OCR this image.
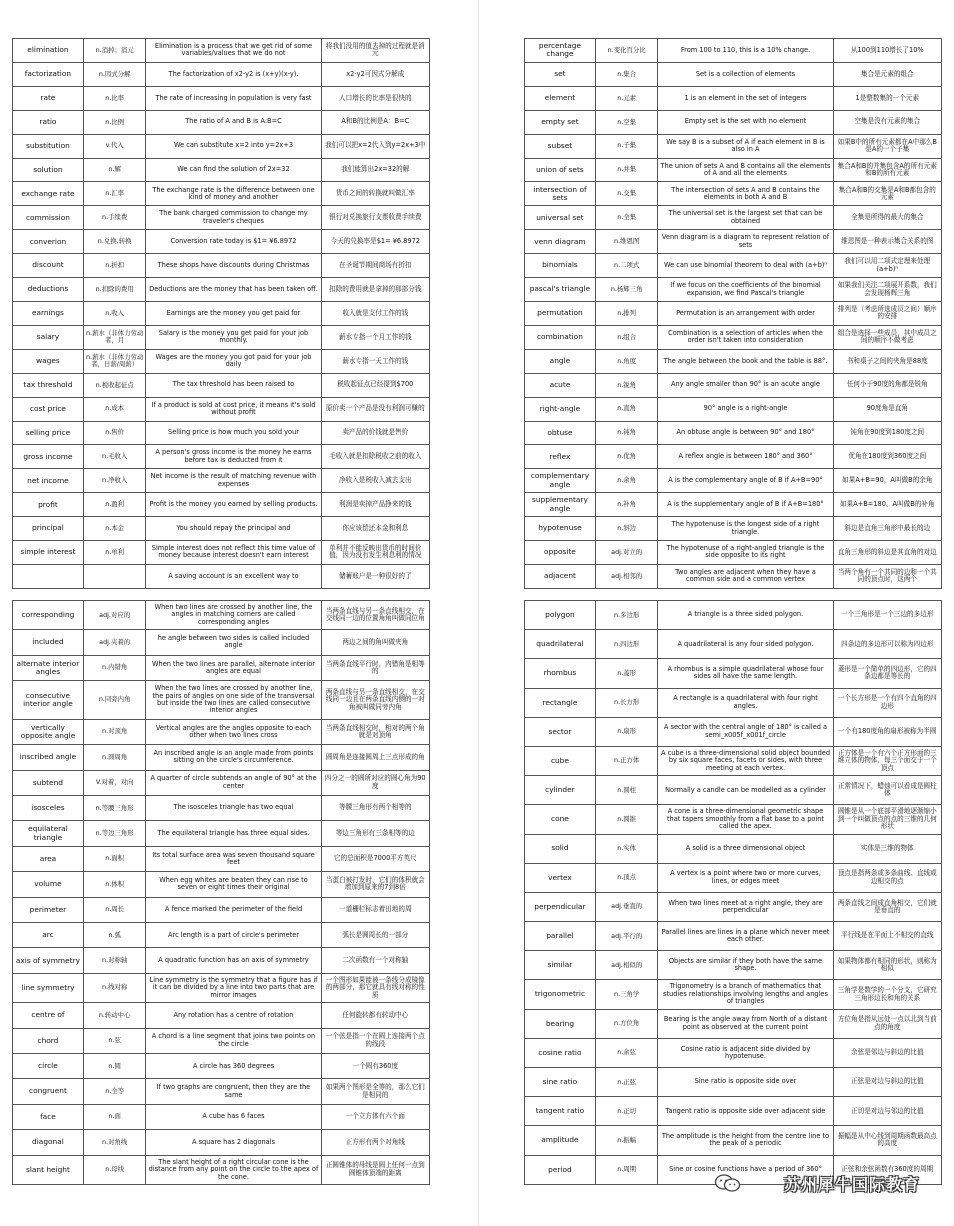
elimination	n.消掉；消元	Elimination is a process that we get rid of some variables/values that we do not	将我们没用的值去掉的过程就是消元
factorization	n.因式分解	The factorization of x2-y2 is (x+y)(x-y).	x2-y2可因式分解成
rate	n.比率	The rate of increasing in population is very fast	人口增长的比率是很快的
ratio	n.比例	The ratio of A and B is A:B=C	A和B的比例是A：B=C
substitution	v.代入	We can substitute x=2 into y=2x+3	我们可以把x=2代入到y=2x+3中
solution	n.解	We can find the solution of 2x=32	我们能算出2x=32的解
exchange rate	n.汇率	The exchange rate is the difference between one kind of money and another	货币之间的转换就叫做汇率
commission	n.手续费	The bank charged commission to change my traveler's cheques	银行对兑换旅行支票收费手续费
converion	n.兑换,转换	Conversion rate today is $1= ¥6.8972	今天的兑换率是$1= ¥6.8972
discount	n.折扣	These shops have discounts during Christmas	在圣诞节期间商场有折扣
deductions	n.扣除的费用	Deductions are the money that has been taken off.	扣除的费用就是拿掉的那部分钱
earnings	n.收入	Earnings are the money you get paid for	收入就是支付工作的钱
salary	n.薪水（非体力劳动者，月	Salary is the money you get paid for your job monthly.	薪水专指一个月工作的钱
wages	n.薪水（非体力劳动者，日薪/周薪）	Wages are the money you got paid for your job daily	薪水专指一天工作的钱
tax threshold	n.税收起征点	The tax threshold has been raised to	税收起征点已经提到$700
cost price	n.成本	If a product is sold at cost price, it means it's sold without profit	原价卖一个产品是没有利润可赚的
selling price	n.售价	Selling price is how much you sold your	卖产品的价钱就是售价
gross income	n.毛收入	A person's gross income is the money he earns before tax is deducted from it	毛收入就是扣除税收之前的收入
net income	n.净收入	Net income is the result of matching revenue with expenses	净收入是税收入减去支出
profit	n.盈利	Profit is the money you earned by selling products.	利润是卖掉产品挣来的钱
principal	n.本金	You should repay the principal and	你应该偿还本金和利息
simple interest	n.单利	Simple interest does not reflect this time value of money because interest doesn't earn interest	单利并不能反映出货币的时间价值，因为没有发生利息利的情况
		A saving account is an excellent way to	储蓄账户是一种很好的了
percentage change	n.变化百分比	From 100 to 110, this is a 10% change.	从100到110增长了10%
set	n.集合	Set is a collection of elements	集合是元素的组合
element	n.元素	1 is an element in the set of integers	1是整数集的一个元素
empty set	n.空集	Empty set is the set with no element	空集是没有元素的集合
subset	n.子集	We say B is a subset of A if each element in B is also in A	如果B中的所有元素都在A中那么B是A的一个子集
union of sets	n.并集	The union of sets A and B contains all the elements of A and all the elements	集合A和B的并集包含A的所有元素和B的所有元素
intersection of sets	n.交集	The intersection of sets A and B contains the elements in both A and B	集合A和B的交集是A和B都包含的元素
universal set	n.全集	The universal set is the largest set that can be obtained	全集是所得的最大的集合
venn diagram	n.维恩图	Venn diagram is a diagram to represent relation of sets	维恩图是一种表示集合关系的图
binomials	n.二项式	We can use binomial theorem to deal with (a+b)ⁿ	我们可以用二项式定理来处理(a+b)ⁿ
pascal's triangle	n.杨辉三角	If we focus on the coefficients of the binomial expansion, we find Pascal's triangle	如果我们关注二项展开系数，我们会发现杨辉三角
permutation	n.排列	Permutation is an arrangement with order	排列是（考虑所选成员之间）顺序的安排
combination	n.组合	Combination is a selection of articles when the order isn't taken into consideration	组合是选择一些成员，其中成员之间的顺序不做考虑
angle	n.角度	The angle between the book and the table is 88°.	书和桌子之间的夹角是88度
acute	n.锐角	Any angle smaller than 90° is an acute angle	任何小于90度的角都是锐角
right-angle	n.直角	90° angle is a right-angle	90度角是直角
obtuse	n.钝角	An obtuse angle is between 90° and 180°	钝角在90度到180度之间
reflex	n.优角	A reflex angle is between 180° and 360°	优角在180度到360度之间
complementary angle	n.余角	A is the complementary angle of B if A+B=90°	如果A+B=90，A叫做B的余角
supplementary angle	n.补角	A is the supplementary angle of B if A+B=180°	如果A+B=180，A叫做B的补角
hypotenuse	n.斜边	The hypotenuse is the longest side of a right triangle.	斜边是直角三角形中最长的边
opposite	adj.对立的	The hypotenuse of a right-angled triangle is the side opposite to its right	直角三角形的斜边是其直角的对边
adjacent	adj.相邻的	Two angles are adjacent when they have a common side and a common vertex	当两个角有一个共同的边和一个共同的顶点时，这两个
corresponding	adj.对应的	When two lines are crossed by another line, the angles in matching corners are called corresponding angles	当两条直线与另一条直线相交，在交线同一边的位置角角叫做同位角
included	adj.夹着的	he angle between two sides is called included angle	两边之间的角叫做夹角
alternate interior angles	n.内错角	When the two lines are parallel, alternate interior angles are equal	当两条直线平行时，内错角是相等的
consecutive interior angle	n.同旁内角	When the two lines are crossed by another line, the pairs of angles on one side of the transversal but inside the two lines are called consecutive interior angles	两条直线与另一条直线相交，在交线同一边且在两条直线内侧的一对角被叫做同旁内角
vertically opposite angle	n.对顶角	Vertical angles are the angles opposite to each other when two lines cross	当两条直线相交时，相对的两个角就是对顶角
inscribed angle	n.圆周角	An inscribed angle is an angle made from points sitting on the circle's circumference.	圆周角是连接圆周上三点形成的角
subtend	V.对着，对向	A quarter of circle subtends an angle of 90° at the center	四分之一的圆所对应的圆心角为90度
isosceles	n.等腰三角形	The isosceles triangle has two equal	等腰三角形有两个相等的
equilateral triangle	n.等边三角形	The equilateral triangle has three equal sides.	等边三角形有三条相等的边
area	n.面积	Its total surface area was seven thousand square feet	它的总面积是7000平方英尺
volume	n.体积	When egg whites are beaten they can rise to seven or eight times their original	当蛋白被打发时，它们的体积就会增加到原来的7到8倍
perimeter	n.周长	A fence marked the perimeter of the field	一道栅栏标志着田地的周
arc	n.弧	Arc length is a part of circle's perimeter	弧长是圆周长的一部分
axis of symmetry	n.对称轴	A quadratic function has an axis of symmetry	二次函数有一个对称轴
line symmetry	n.线对称	Line symmetry is the symmetry that a figure has if it can be divided by a line into two parts that are mirror images	一个图形如果能被一条线分成镜像的两部分，那它就具有线对称的性质
centre of	n.转动中心	Any rotation has a centre of rotation	任何旋转都有转动中心
chord	n.弦	A chord is a line segment that joins two points on the circle	一个弦是指一个在圆上连接两个点的线段
circle	n.圆	A circle has 360 degrees	一个圆有360度
congruent	n.全等	If two graphs are congruent, then they are the same	如果两个图形是全等的，那么它们是相同的
face	n.面	A cube has 6 faces	一个立方体有六个面
diagonal	n.对角线	A square has 2 diagonals	正方形有两个对角线
slant height	n.母线	The slant height of a right circular cone is the distance from any point on the circle to the apex of the cone.	正圆锥体的母线是圆上任何一点到圆锥体顶端的距离
polygon	n.多边形	A triangle is a three sided polygon.	一个三角形是一个三边的多边形
quadrilateral	n.四边形	A quadrilateral is any four sided polygon.	四条边的多边形可以称为四边形
rhombus	n.菱形	A rhombus is a simple quadrilateral whose four sides all have the same length.	菱形是一个简单的四边形，它的四条边都是等长的
rectangle	n.长方形	A rectangle is a quadrilateral with four right angles.	一个长方形是一个有四个直角的四边形
sector	n.扇形	A sector with the central angle of 180° is called a semi_x005f_x001f_circle	一个有180度角的扇形被称为半圆
cube	n.正方体	A cube is a three-dimensional solid object bounded by six square faces, facets or sides, with three meeting at each vertex.	正方体是一个有六个正方形面的三维立体的物体，每三个面交于一个顶点
cylinder	n.圆柱	Normally a candle can be modelled as a cylinder	正常情况下，蜡烛可以看成是圆柱体
cone	n.圆锥	A cone is a three-dimensional geometric shape that tapers smoothly from a flat base to a point called the apex.	圆锥是从一个底部平滑地逐渐缩小到一个叫做顶点的点的三维的几何形状
solid	n.实体	A solid is a three dimensional object	实体是三维的物体
vertex	n.顶点	A vertex is a point where two or more curves, lines, or edges meet	顶点是指两条或多条曲线、直线或边相交的点
perpendicular	adj.垂直的	When two lines meet at a right angle, they are perpendicular	两条直线之间成直角相交，它们就是垂直的
parallel	adj.平行的	Parallel lines are lines in a plane which never meet each other.	平行线是在平面上不相交的直线
similar	adj.相似的	Objects are similar if they both have the same shape.	如果物体都有相同的形状，则称为相似
trigonometric	n.三角学	Trigonometry is a branch of mathematics that studies relationships involving lengths and angles of triangles	三角学是数学的一个分支，它研究三角形边长和角的关系
bearing	n.方位角	Bearing is the angle away from North of a distant point as observed at the current point	方位角是指从远处一点以北到当前点的角度
cosine ratio	n.余弦	Cosine ratio is adjacent side divided by hypotenuse.	余弦是邻边与斜边的比值
sine ratio	n.正弦	Sine ratio is opposite side over	正弦是对边与斜边的比值
tangent ratio	n.正切	Tangent ratio is opposite side over adjacent side	正切是对边与邻边的比值
amplitude	n.振幅	The amplitude is the height from the centre line to the peak of a periodic	振幅是从中心线到周期函数最高点的高度
period	n.周期	Sine or cosine functions have a period of 360°	正弦和余弦函数有360度的周期
苏州犀牛国际教育
